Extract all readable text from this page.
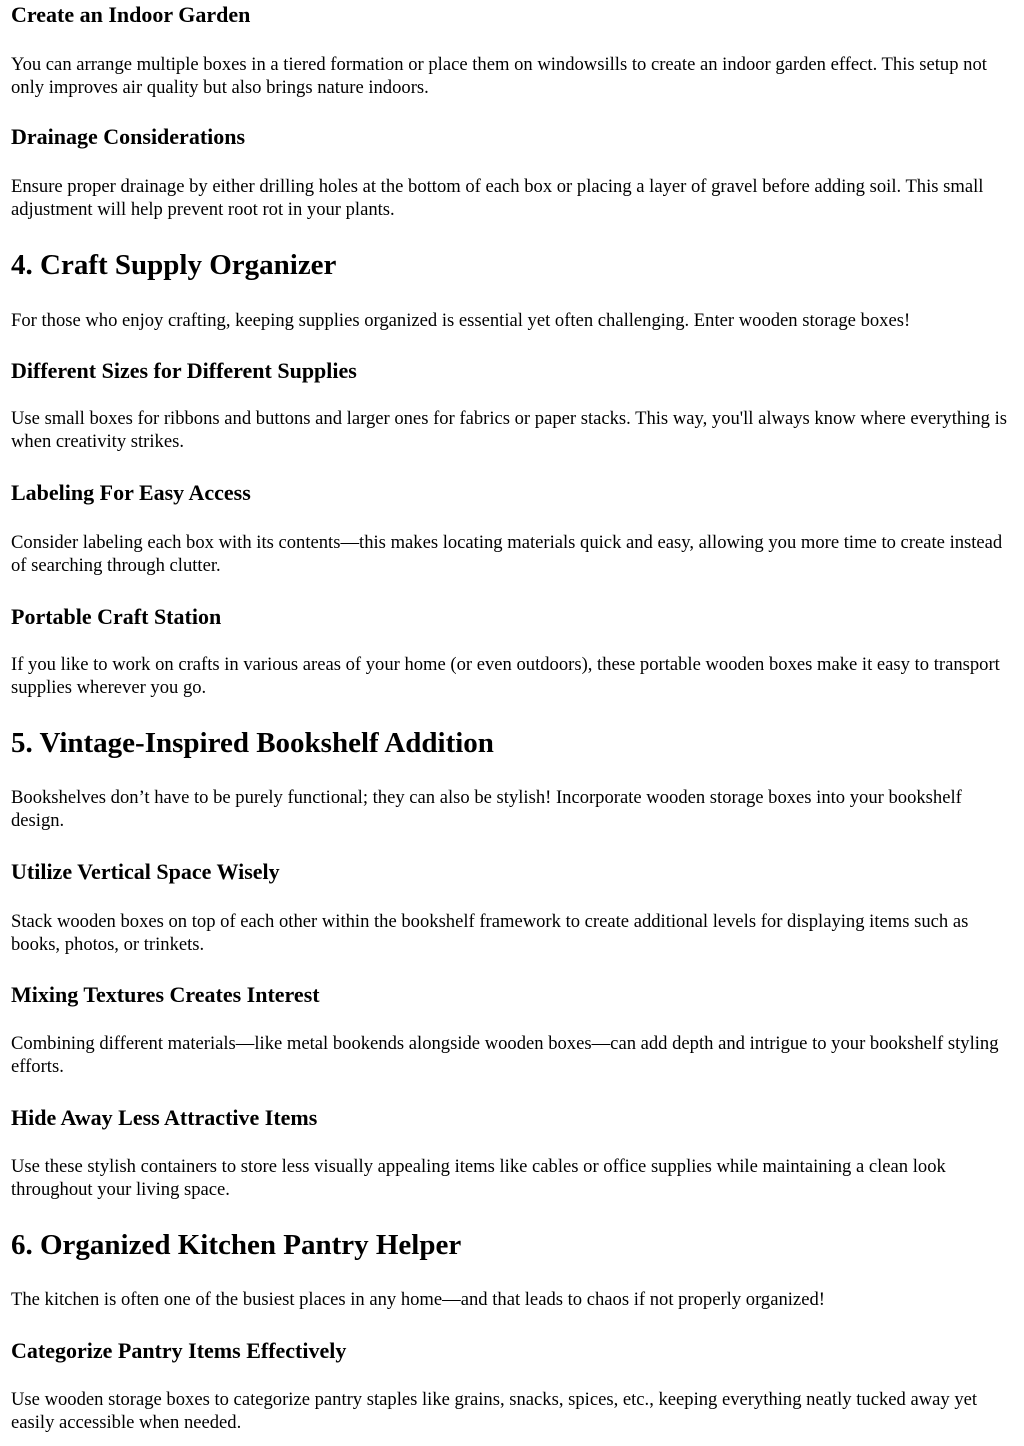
Create an Indoor Garden

You can arrange multiple boxes in a tiered formation or place them on windowsills to create an indoor garden effect. This setup not only improves air quality but also brings nature indoors.

Drainage Considerations

Ensure proper drainage by either drilling holes at the bottom of each box or placing a layer of gravel before adding soil. This small adjustment will help prevent root rot in your plants.

4. Craft Supply Organizer

For those who enjoy crafting, keeping supplies organized is essential yet often challenging. Enter wooden storage boxes!

Different Sizes for Different Supplies

Use small boxes for ribbons and buttons and larger ones for fabrics or paper stacks. This way, you'll always know where everything is when creativity strikes.

Labeling For Easy Access

Consider labeling each box with its contents—this makes locating materials quick and easy, allowing you more time to create instead of searching through clutter.

Portable Craft Station

If you like to work on crafts in various areas of your home (or even outdoors), these portable wooden boxes make it easy to transport supplies wherever you go.

5. Vintage-Inspired Bookshelf Addition

Bookshelves don’t have to be purely functional; they can also be stylish! Incorporate wooden storage boxes into your bookshelf design.

Utilize Vertical Space Wisely

Stack wooden boxes on top of each other within the bookshelf framework to create additional levels for displaying items such as books, photos, or trinkets.

Mixing Textures Creates Interest

Combining different materials—like metal bookends alongside wooden boxes—can add depth and intrigue to your bookshelf styling efforts.

Hide Away Less Attractive Items

Use these stylish containers to store less visually appealing items like cables or office supplies while maintaining a clean look throughout your living space.

6. Organized Kitchen Pantry Helper

The kitchen is often one of the busiest places in any home—and that leads to chaos if not properly organized!

Categorize Pantry Items Effectively

Use wooden storage boxes to categorize pantry staples like grains, snacks, spices, etc., keeping everything neatly tucked away yet easily accessible when needed.
